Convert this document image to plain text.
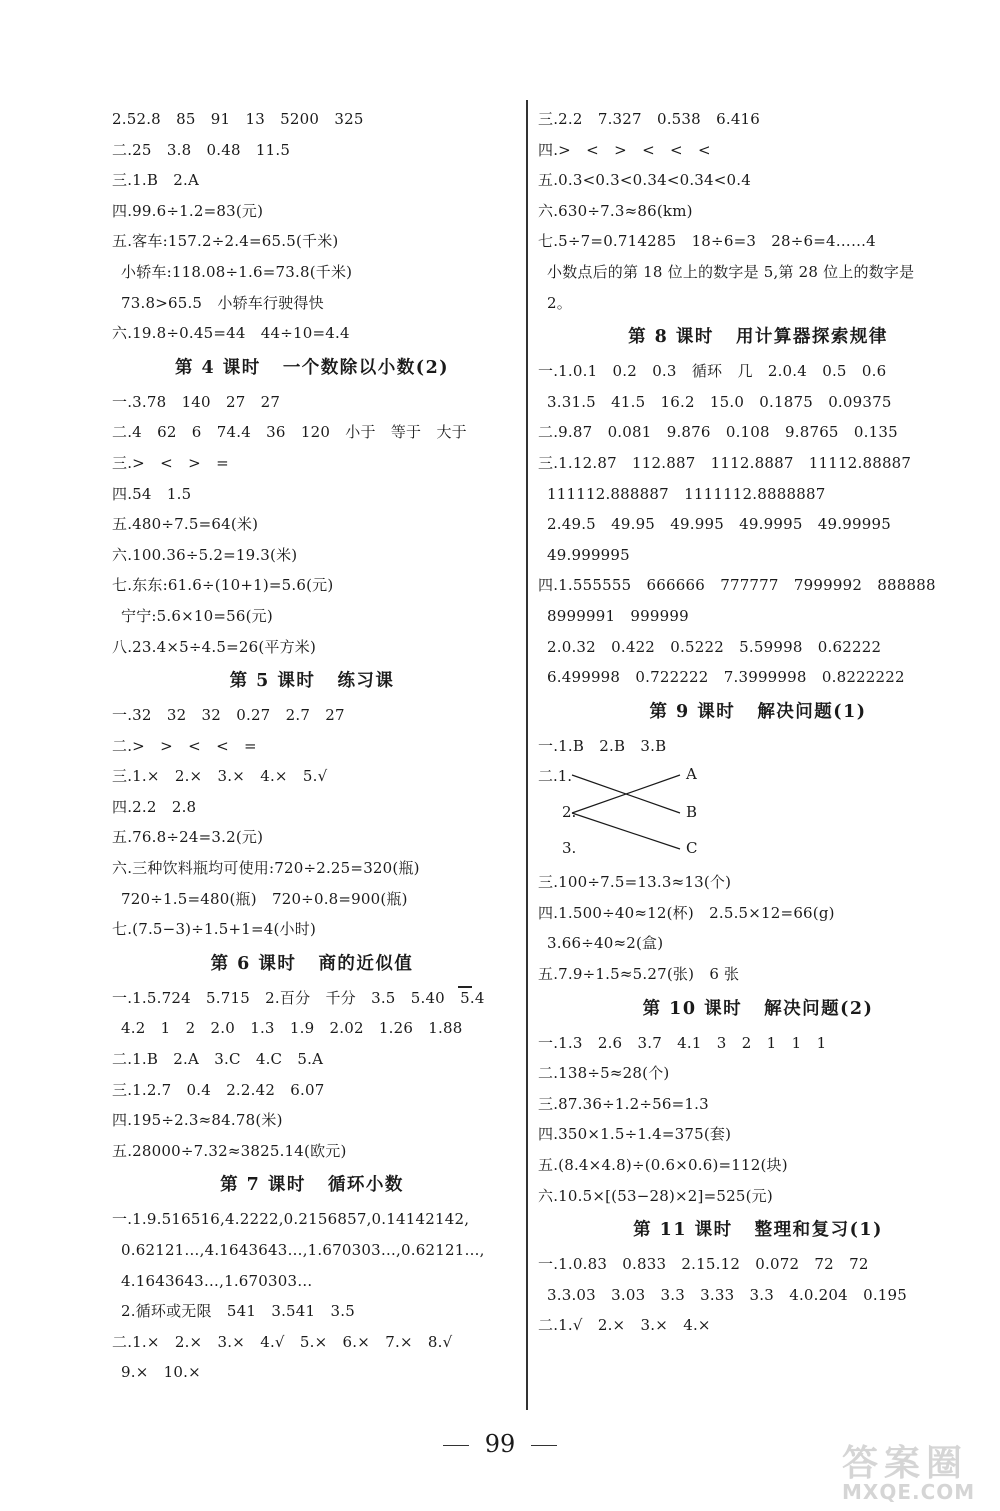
2.52.8　85　91　13　5200　325
二.25　3.8　0.48　11.5
三.1.B　2.A
四.99.6÷1.2=83(元)
五.客车:157.2÷2.4=65.5(千米)
小轿车:118.08÷1.6=73.8(千米)
73.8>65.5　小轿车行驶得快
六.19.8÷0.45=44　44÷10=4.4
第 4 课时 一个数除以小数(2)
一.3.78　140　27　27
二.4　62　6　74.4　36　120　小于　等于　大于
三.>　<　>　=
四.54　1.5
五.480÷7.5=64(米)
六.100.36÷5.2=19.3(米)
七.东东:61.6÷(10+1)=5.6(元)
宁宁:5.6×10=56(元)
八.23.4×5÷4.5=26(平方米)
第 5 课时 练习课
一.32　32　32　0.27　2.7　27
二.>　>　<　<　=
三.1.×　2.×　3.×　4.×　5.√
四.2.2　2.8
五.76.8÷24=3.2(元)
六.三种饮料瓶均可使用:720÷2.25=320(瓶)
720÷1.5=480(瓶)　720÷0.8=900(瓶)
七.(7.5−3)÷1.5+1=4(小时)
第 6 课时 商的近似值
一.1.5.724　5.715　2.百分　千分　3.5　5.40　5.4
4.2　1　2　2.0　1.3　1.9　2.02　1.26　1.88
二.1.B　2.A　3.C　4.C　5.A
三.1.2.7　0.4　2.2.42　6.07
四.195÷2.3≈84.78(米)
五.28000÷7.32≈3825.14(欧元)
第 7 课时 循环小数
一.1.9.516516,4.2222,0.2156857,0.14142142,
0.62121…,4.1643643…,1.670303…,0.62121…,
4.1643643…,1.670303…
2.循环或无限　541　3.541　3.5
二.1.×　2.×　3.×　4.√　5.×　6.×　7.×　8.√
9.×　10.×
三.2.2　7.327　0.538　6.416
四.>　<　>　<　<　<
五.0.3<0.3<0.34<0.34<0.4
六.630÷7.3≈86(km)
七.5÷7=0.714285　18÷6=3　28÷6=4……4
小数点后的第 18 位上的数字是 5,第 28 位上的数字是
2。
第 8 课时 用计算器探索规律
一.1.0.1　0.2　0.3　循环　几　2.0.4　0.5　0.6
3.31.5　41.5　16.2　15.0　0.1875　0.09375
二.9.87　0.081　9.876　0.108　9.8765　0.135
三.1.12.87　112.887　1112.8887　11112.88887
111112.888887　1111112.8888887
2.49.5　49.95　49.995　49.9995　49.99995
49.999995
四.1.555555　666666　777777　7999992　888888
8999991　999999
2.0.32　0.422　0.5222　5.59998　0.62222
6.499998　0.722222　7.3999998　0.8222222
第 9 课时 解决问题(1)
一.1.B　2.B　3.B
二.1.
2.
3.
A
B
C
三.100÷7.5=13.3≈13(个)
四.1.500÷40≈12(杯)　2.5.5×12=66(g)
3.66÷40≈2(盒)
五.7.9÷1.5≈5.27(张)　6 张
第 10 课时 解决问题(2)
一.1.3　2.6　3.7　4.1　3　2　1　1　1
二.138÷5≈28(个)
三.87.36÷1.2÷56=1.3
四.350×1.5÷1.4=375(套)
五.(8.4×4.8)÷(0.6×0.6)=112(块)
六.10.5×[(53−28)×2]=525(元)
第 11 课时 整理和复习(1)
一.1.0.83　0.833　2.15.12　0.072　72　72
3.3.03　3.03　3.3　3.33　3.3　4.0.204　0.195
二.1.√　2.×　3.×　4.×
99	答案圈
MXQE.COM
